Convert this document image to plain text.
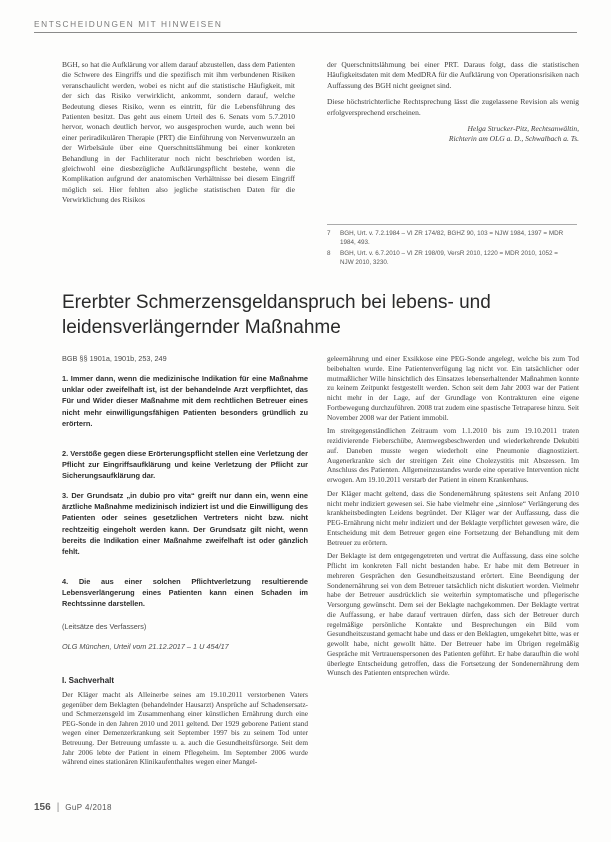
ENTSCHEIDUNGEN MIT HINWEISEN

BGH, so hat die Aufklärung vor allem darauf abzustellen, dass dem Patienten die Schwere des Eingriffs und die spezifisch mit ihm verbundenen Risiken veranschaulicht werden, wobei es nicht auf die statistische Häufigkeit, mit der sich das Risiko verwirklicht, ankommt, sondern darauf, welche Bedeutung dieses Risiko, wenn es eintritt, für die Lebensführung des Patienten besitzt. Das geht aus einem Urteil des 6. Senats vom 5.7.2010 hervor, wonach deutlich hervor, wo ausgesprochen wurde, auch wenn bei einer periradikulären Therapie (PRT) die Einführung von Nervenwurzeln an der Wirbelsäule über eine Querschnittslähmung bei einer konkreten Behandlung in der Fachliteratur noch nicht beschrieben worden ist, gleichwohl eine diesbezügliche Aufklärungspflicht bestehe, wenn die Komplikation aufgrund der anatomischen Verhältnisse bei diesem Eingriff möglich sei. Hier fehlten also jegliche statistischen Daten für die Verwirklichung des Risikos

der Querschnittslähmung bei einer PRT. Daraus folgt, dass die statistischen Häufigkeitsdaten mit dem MedDRA für die Aufklärung von Operationsrisiken nach Auffassung des BGH nicht geeignet sind.

Diese höchstrichterliche Rechtsprechung lässt die zugelassene Revision als wenig erfolgversprechend erscheinen.

Helga Strucker-Pitz, Rechtsanwältin,
Richterin am OLG a. D., Schwalbach a. Ts.
7 BGH, Urt. v. 7.2.1984 – VI ZR 174/82, BGHZ 90, 103 = NJW 1984, 1397 = MDR 1984, 493.
8 BGH, Urt. v. 6.7.2010 – VI ZR 198/09, VersR 2010, 1220 = MDR 2010, 1052 = NJW 2010, 3230.
Ererbter Schmerzensgeldanspruch bei lebens- und
leidensverlängernder Maßnahme
BGB §§ 1901a, 1901b, 253, 249

1. Immer dann, wenn die medizinische Indikation für eine Maßnahme unklar oder zweifelhaft ist, ist der behandelnde Arzt verpflichtet, das Für und Wider dieser Maßnahme mit dem rechtlichen Betreuer eines nicht mehr einwilligungsfähigen Patienten besonders gründlich zu erörtern.

2. Verstöße gegen diese Erörterungspflicht stellen eine Verletzung der Pflicht zur Eingriffsaufklärung und keine Verletzung der Pflicht zur Sicherungsaufklärung dar.

3. Der Grundsatz „in dubio pro vita“ greift nur dann ein, wenn eine ärztliche Maßnahme medizinisch indiziert ist und die Einwilligung des Patienten oder seines gesetzlichen Vertreters nicht bzw. nicht rechtzeitig eingeholt werden kann. Der Grundsatz gilt nicht, wenn bereits die Indikation einer Maßnahme zweifelhaft ist oder gänzlich fehlt.

4. Die aus einer solchen Pflichtverletzung resultierende Lebensverlängerung eines Patienten kann einen Schaden im Rechtssinne darstellen.

(Leitsätze des Verfassers)
OLG München, Urteil vom 21.12.2017 – 1 U 454/17
I. Sachverhalt

Der Kläger macht als Alleinerbe seines am 19.10.2011 verstorbenen Vaters gegenüber dem Beklagten (behandelnder Hausarzt) Ansprüche auf Schadensersatz- und Schmerzensgeld im Zusammenhang einer künstlichen Ernährung durch eine PEG-Sonde in den Jahren 2010 und 2011 geltend. Der 1929 geborene Patient stand wegen einer Demenzerkrankung seit September 1997 bis zu seinem Tod unter Betreuung. Der Betreuung umfasste u. a. auch die Gesundheitsfürsorge. Seit dem Jahr 2006 lebte der Patient in einem Pflegeheim. Im September 2006 wurde während eines stationären Klinikaufenthaltes wegen einer Mangel-

geleernährung und einer Exsikkose eine PEG-Sonde angelegt, welche bis zum Tod beibehalten wurde. Eine Patientenverfügung lag nicht vor. Ein tatsächlicher oder mutmaßlicher Wille hinsichtlich des Einsatzes lebenserhaltender Maßnahmen konnte zu keinem Zeitpunkt festgestellt werden. Schon seit dem Jahr 2003 war der Patient nicht mehr in der Lage, auf der Grundlage von Kontrakturen eine eigene Fortbewegung durchzuführen. 2008 trat zudem eine spastische Tetraparese hinzu. Seit November 2008 war der Patient immobil.

Im streitgegenständlichen Zeitraum vom 1.1.2010 bis zum 19.10.2011 traten rezidivierende Fieberschübe, Atemwegsbeschwerden und wiederkehrende Dekubiti auf. Daneben musste wegen wiederholt eine Pneumonie diagnostiziert. Augenerkrankte sich der streitigen Zeit eine Cholezystitis mit Abszessen. Im Anschluss des Patienten. Allgemeinzustandes wurde eine operative Intervention nicht erwogen. Am 19.10.2011 verstarb der Patient in einem Krankenhaus.

Der Kläger macht geltend, dass die Sondenernährung spätestens seit Anfang 2010 nicht mehr indiziert gewesen sei. Sie habe vielmehr eine „sinnlose“ Verlängerung des krankheitsbedingten Leidens begründet. Der Kläger war der Auffassung, dass die PEG-Ernährung nicht mehr indiziert und der Beklagte verpflichtet gewesen wäre, die Entscheidung mit dem Betreuer gegen eine Fortsetzung der Behandlung mit dem Betreuer zu erörtern.

Der Beklagte ist dem entgegengetreten und vertrat die Auffassung, dass eine solche Pflicht im konkreten Fall nicht bestanden habe. Er habe mit dem Betreuer in mehreren Gesprächen den Gesundheitszustand erörtert. Eine Beendigung der Sondenernährung sei von dem Betreuer tatsächlich nicht diskutiert worden. Vielmehr habe der Betreuer ausdrücklich sie weiterhin symptomatische und pflegerische Versorgung gewünscht. Dem sei der Beklagte nachgekommen. Der Beklagte vertrat die Auffassung, er habe darauf vertrauen dürfen, dass sich der Betreuer durch regelmäßige persönliche Kontakte und Besprechungen ein Bild vom Gesundheitszustand gemacht habe und dass er den Beklagten, umgekehrt bitte, was er gewollt habe, nicht gewollt hätte. Der Betreuer habe im Übrigen regelmäßig Gespräche mit Vertrauenspersonen des Patienten geführt. Er habe daraufhin die wohl überlegte Entscheidung getroffen, dass die Fortsetzung der Sondenernährung dem Wunsch des Patienten entsprechen würde.

156 | GuP 4/2018
